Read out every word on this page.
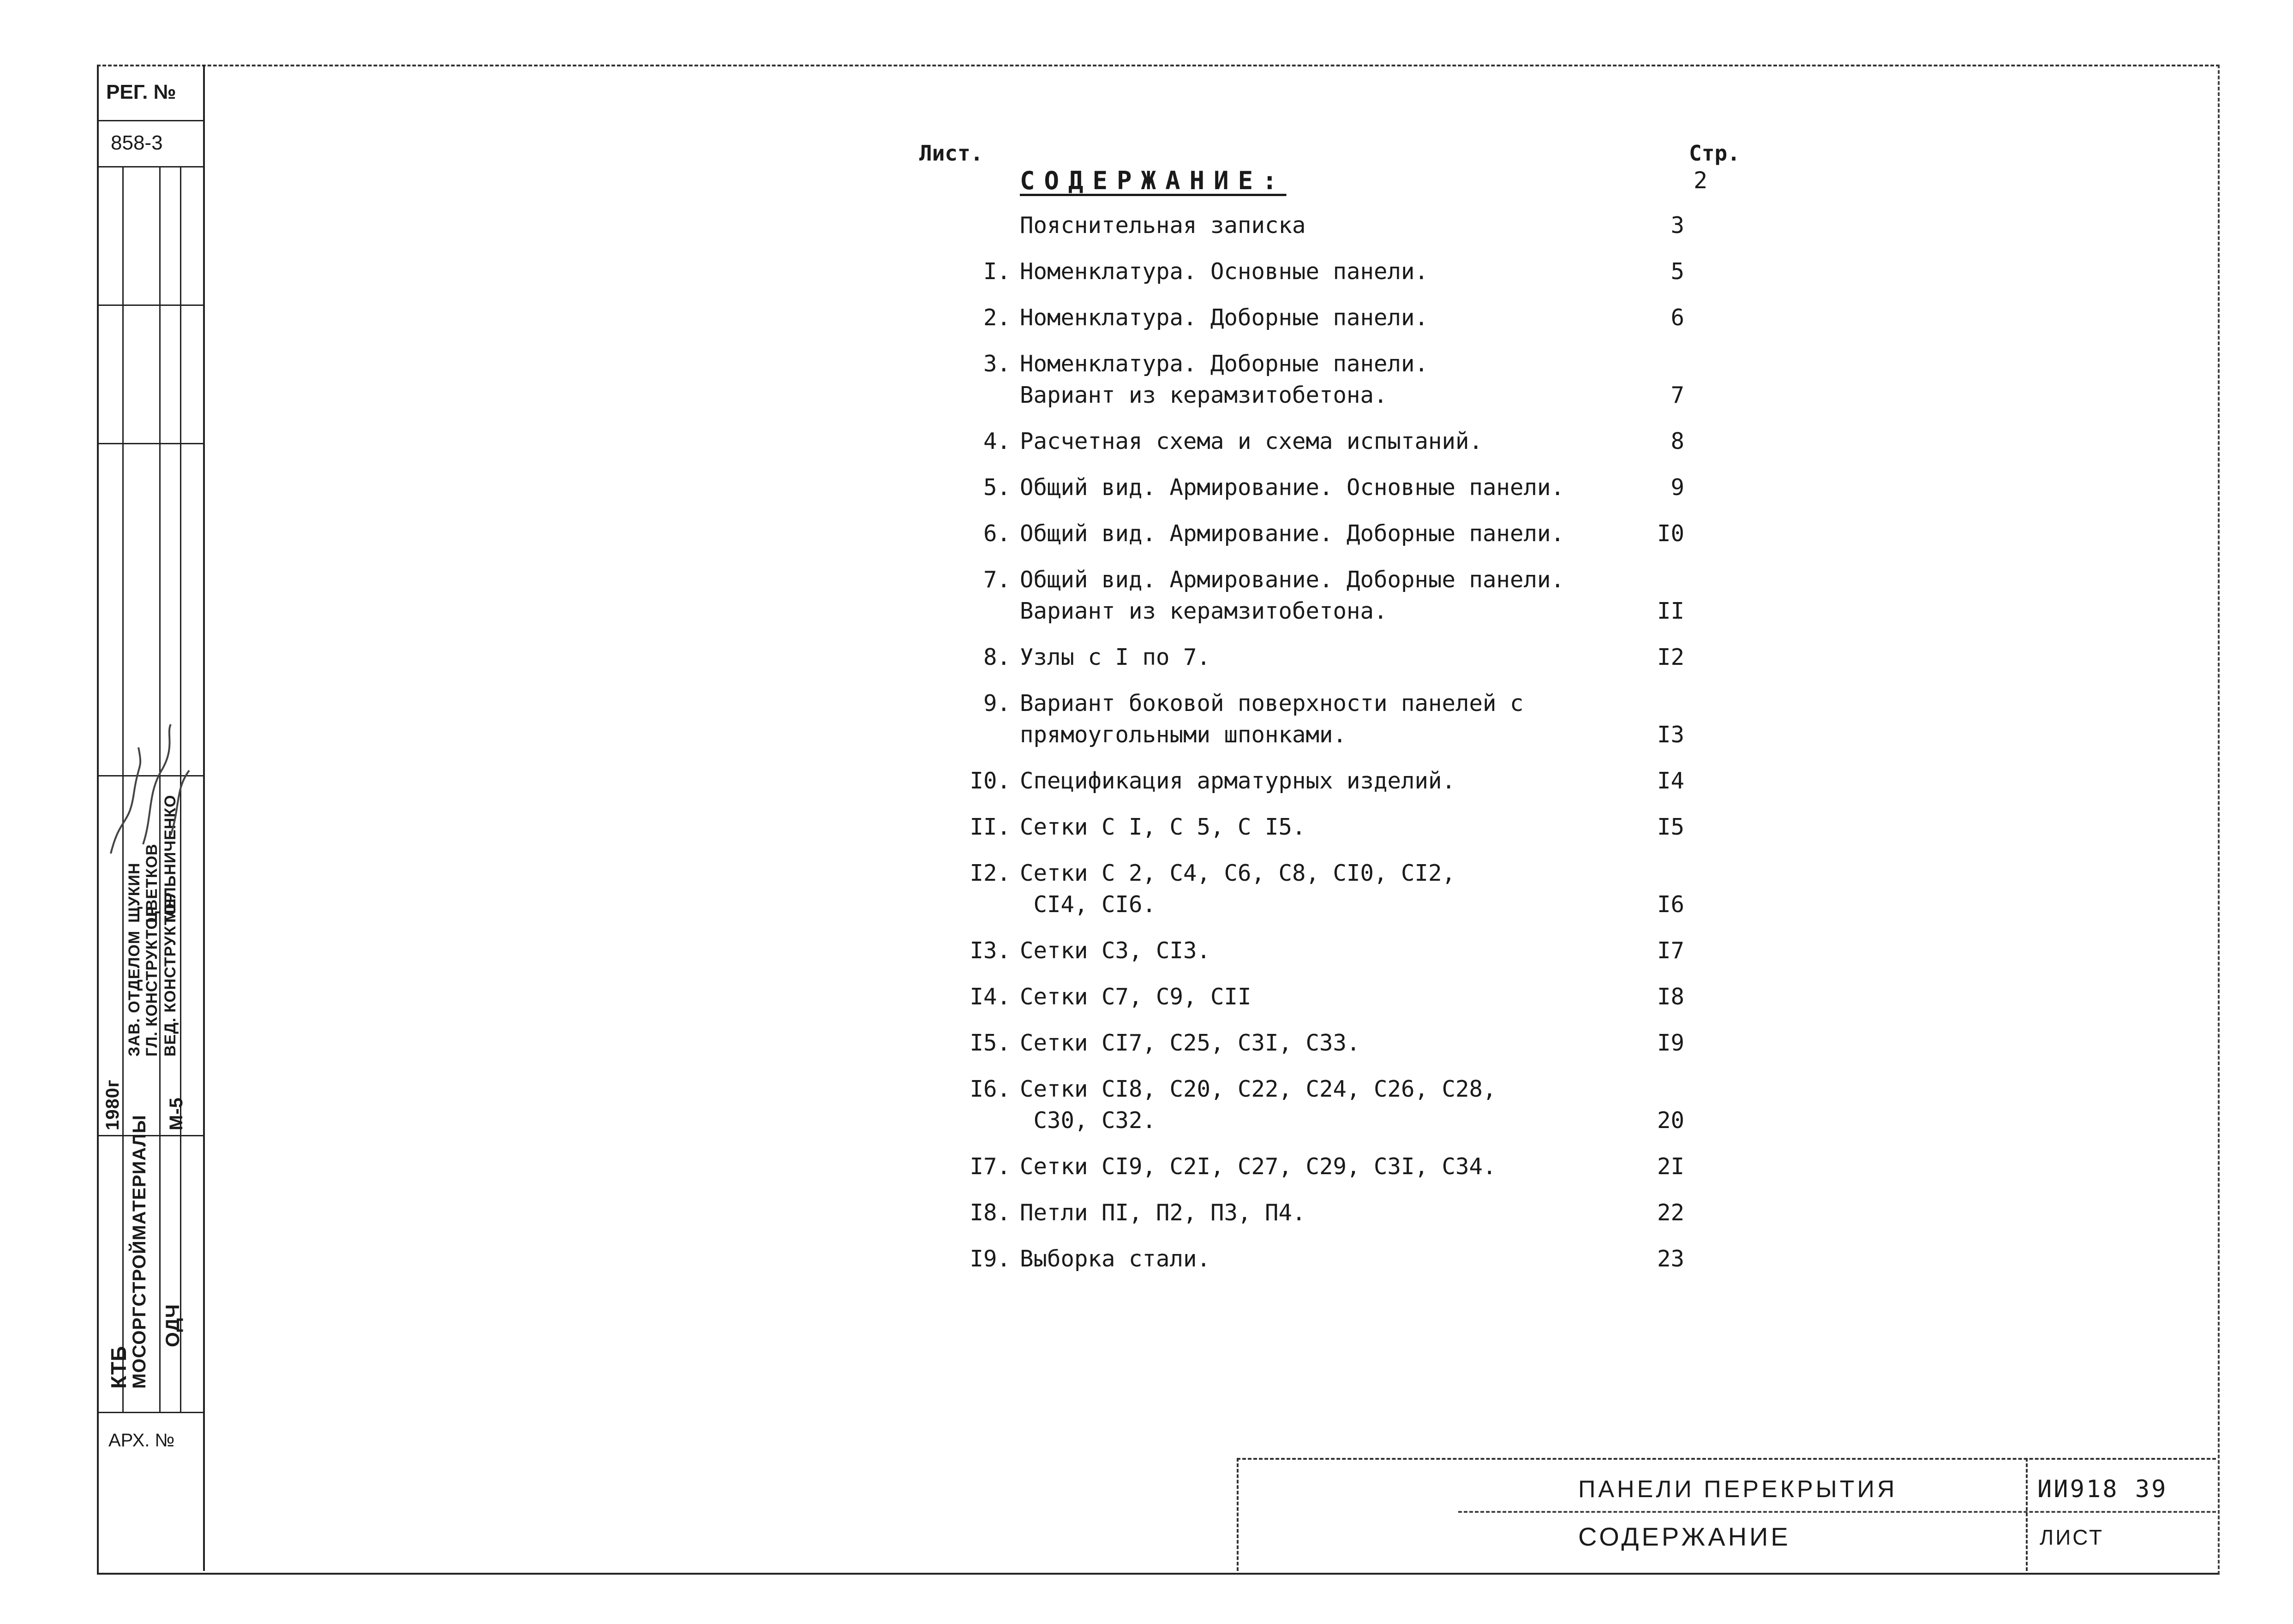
РЕГ. №
858-3
1980г
ЗАВ. ОТДЕЛОМ
ЩУКИН
ГЛ. КОНСТРУКТОР
ЦВЕТКОВ
ВЕД. КОНСТРУКТОР
МЕЛЬНИЧЕНКО
М-5
КТБ
МОСОРГСТРОЙМАТЕРИАЛЫ ОДЧ
АРХ. №
Лист.	Стр.
СОДЕРЖАНИЕ:	2
Пояснительная записка	3
I. Номенклатура. Основные панели.	5
2. Номенклатура. Доборные панели.	6
3. Номенклатура. Доборные панели.
Вариант из керамзитобетона.	7
4. Расчетная схема и схема испытаний.	8
5. Общий вид. Армирование. Основные панели.	9
6. Общий вид. Армирование. Доборные панели.	I0
7. Общий вид. Армирование. Доборные панели.
Вариант из керамзитобетона.	II
8. Узлы с I по 7.	I2
9. Вариант боковой поверхности панелей с
прямоугольными шпонками.	I3
I0. Спецификация арматурных изделий.	I4
II. Сетки С I, С 5, С I5.	I5
I2. Сетки С 2, С4, С6, С8, СI0, СI2,
СI4, СI6.	I6
I3. Сетки С3, СI3.	I7
I4. Сетки С7, С9, СII	I8
I5. Сетки СI7, С25, С3I, С33.	I9
I6. Сетки СI8, С20, С22, С24, С26, С28,
С30, С32.	20
I7. Сетки СI9, С2I, С27, С29, С3I, С34.	2I
I8. Петли ПI, П2, П3, П4.	22
I9. Выборка стали.	23
ПАНЕЛИ ПЕРЕКРЫТИЯ
СОДЕРЖАНИЕ
ИИ918 39
ЛИСТ
